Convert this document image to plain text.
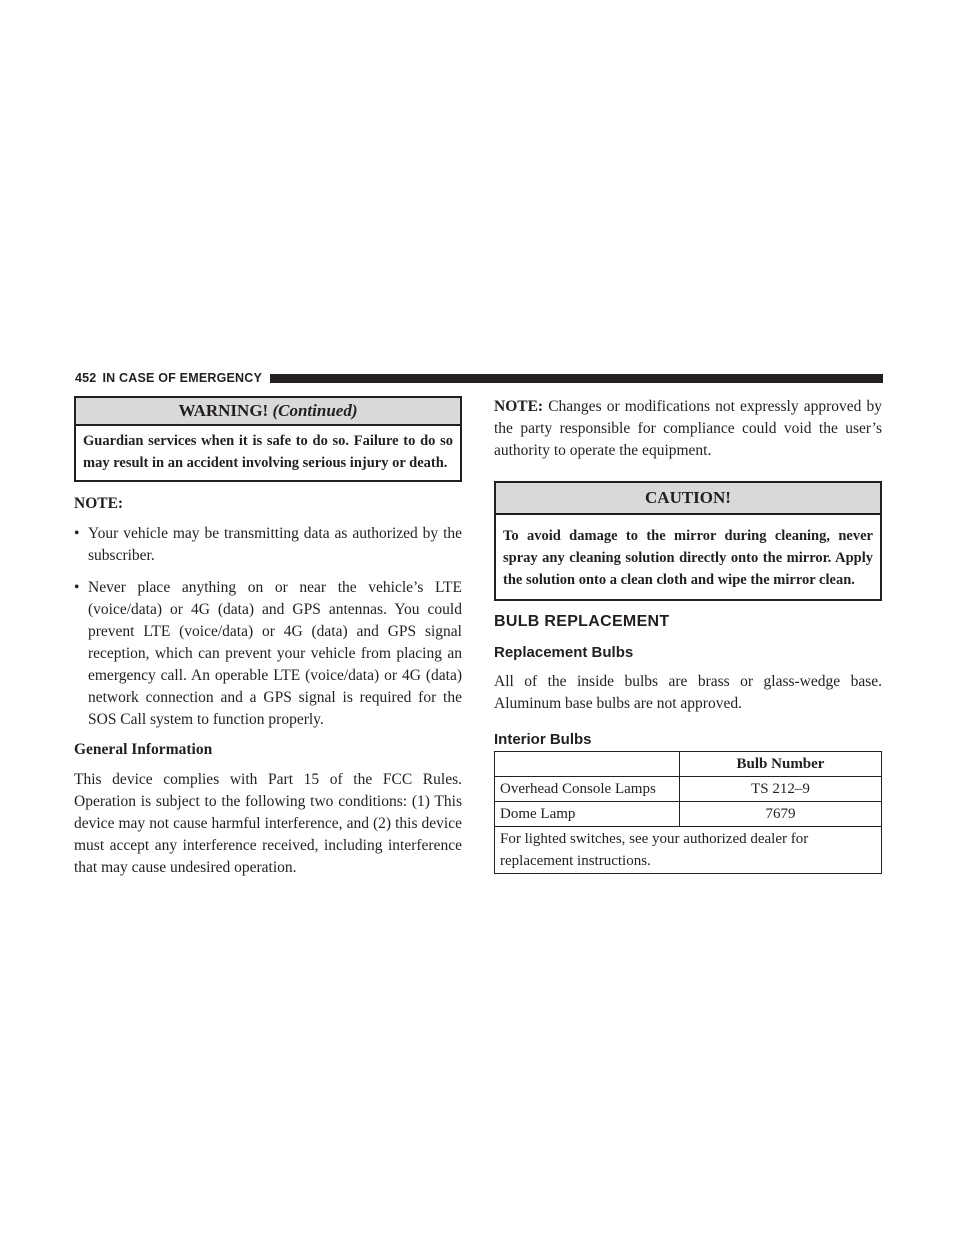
452 IN CASE OF EMERGENCY
WARNING! (Continued)
Guardian services when it is safe to do so. Failure to do so may result in an accident involving serious injury or death.

NOTE:

• Your vehicle may be transmitting data as authorized by the subscriber.
• Never place anything on or near the vehicle’s LTE (voice/data) or 4G (data) and GPS antennas. You could prevent LTE (voice/data) or 4G (data) and GPS signal reception, which can prevent your vehicle from placing an emergency call. An operable LTE (voice/data) or 4G (data) network connection and a GPS signal is required for the SOS Call system to function properly.

General Information

This device complies with Part 15 of the FCC Rules. Operation is subject to the following two conditions: (1) This device may not cause harmful interference, and (2) this device must accept any interference received, including interference that may cause undesired operation.

NOTE: Changes or modifications not expressly approved by the party responsible for compliance could void the user’s authority to operate the equipment.

CAUTION!
To avoid damage to the mirror during cleaning, never spray any cleaning solution directly onto the mirror. Apply the solution onto a clean cloth and wipe the mirror clean.

BULB REPLACEMENT

Replacement Bulbs

All of the inside bulbs are brass or glass-wedge base. Aluminum base bulbs are not approved.

Interior Bulbs

	Bulb Number
Overhead Console Lamps	TS 212–9
Dome Lamp	7679
For lighted switches, see your authorized dealer for replacement instructions.	
